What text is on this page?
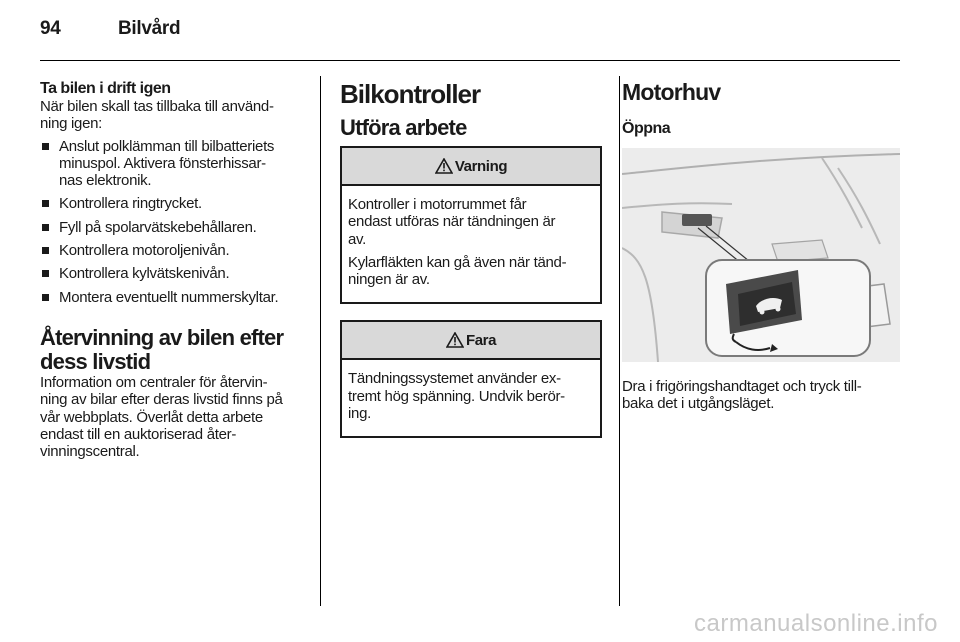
94	Bilvård
Ta bilen i drift igen
När bilen skall tas tillbaka till använd-
ning igen:
Anslut polklämman till bilbatteriets
minuspol. Aktivera fönsterhissar-
nas elektronik.
Kontrollera ringtrycket.
Fyll på spolarvätskebehållaren.
Kontrollera motoroljenivån.
Kontrollera kylvätskenivån.
Montera eventuellt nummerskyltar.
Återvinning av bilen efter
dess livstid
Information om centraler för återvin-
ning av bilar efter deras livstid finns på
vår webbplats. Överlåt detta arbete
endast till en auktoriserad åter-
vinningscentral.
Bilkontroller
Utföra arbete
Varning
Kontroller i motorrummet får
endast utföras när tändningen är
av.
Kylarfläkten kan gå även när tänd-
ningen är av.
Fara
Tändningssystemet använder ex-
tremt hög spänning. Undvik berör-
ing.
Motorhuv
Öppna
Dra i frigöringshandtaget och tryck till-
baka det i utgångsläget.
carmanualsonline.info
